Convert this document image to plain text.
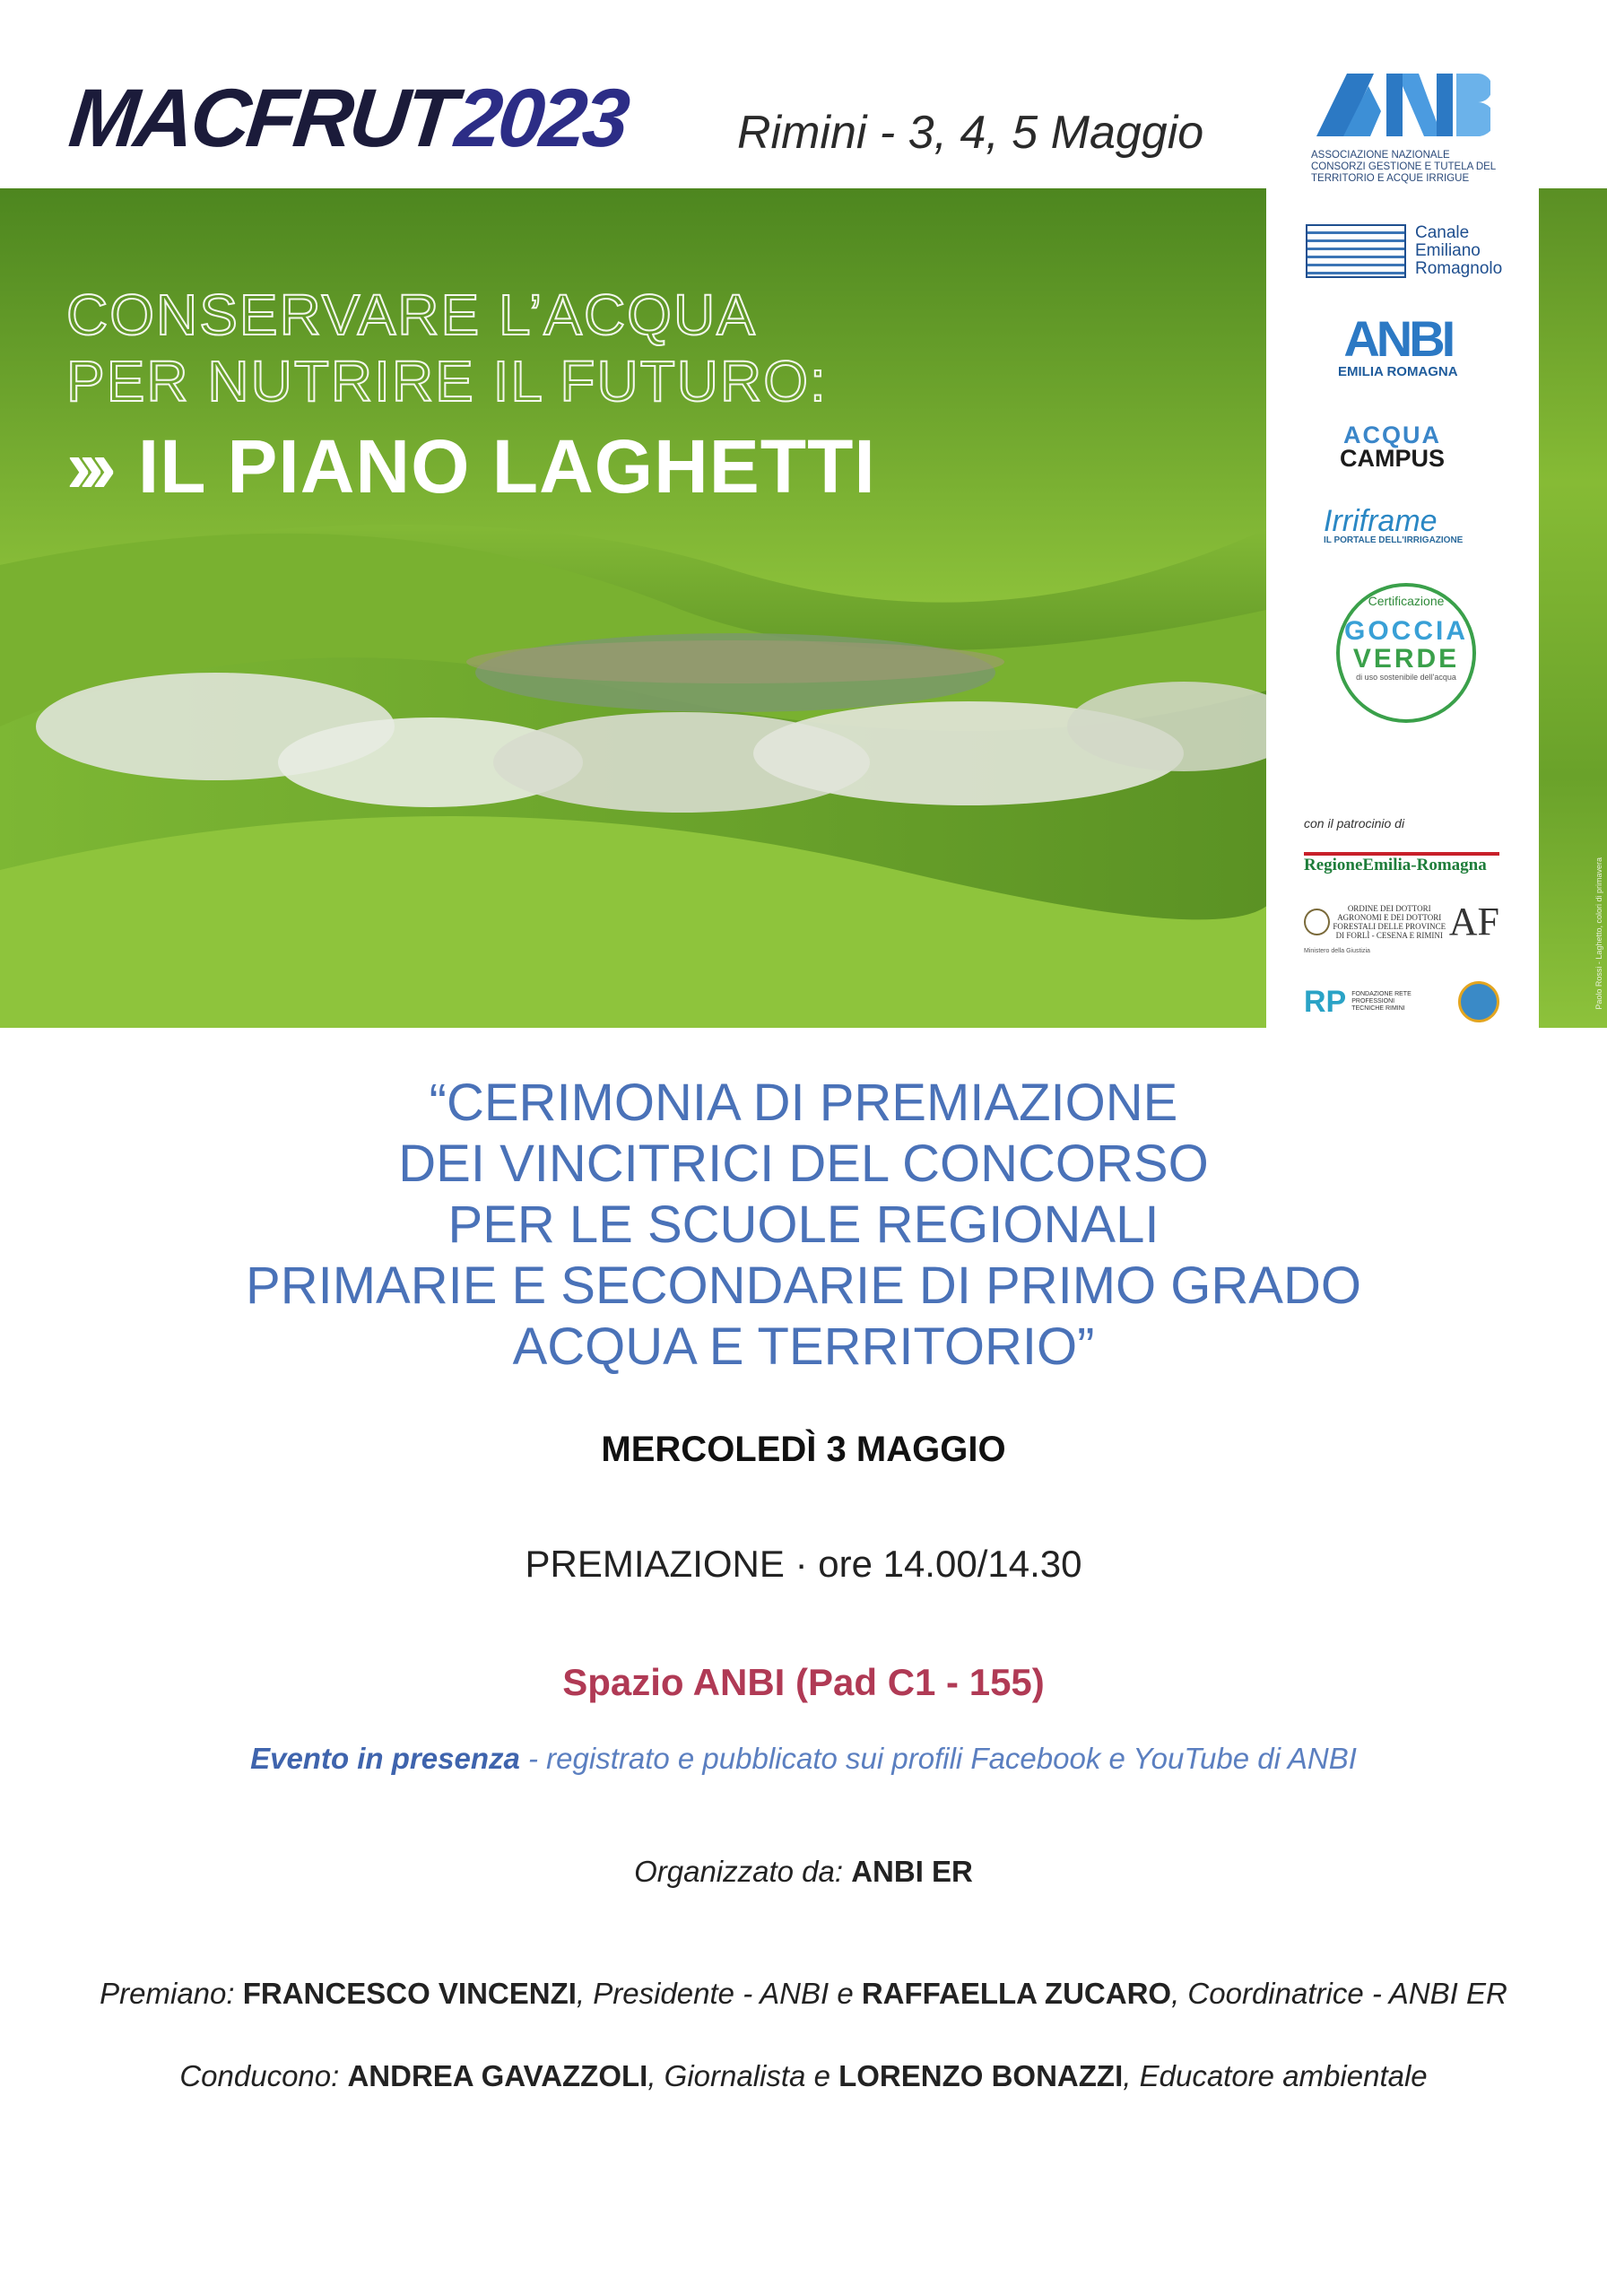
MACFRUT2023 Rimini - 3, 4, 5 Maggio	ASSOCIAZIONE NAZIONALE CONSORZI GESTIONE E TUTELA DEL TERRITORIO E ACQUE IRRIGUE
CONSERVARE L’ACQUA
PER NUTRIRE IL FUTURO:
››› IL PIANO LAGHETTI
Canale
Emiliano
Romagnolo
ANBI
EMILIA ROMAGNA
ACQUA
CAMPUS
Irriframe
IL PORTALE DELL'IRRIGAZIONE
Certificazione
GOCCIA
VERDE
di uso sostenibile dell'acqua
con il patrocinio di
RegioneEmilia-Romagna
ORDINE DEI DOTTORI AGRONOMI E DEI DOTTORI FORESTALI DELLE PROVINCE DI FORLÌ - CESENA E RIMINI AF
Ministero della Giustizia
RP FONDAZIONE RETE PROFESSIONI TECNICHE RIMINI	Paolo Rossi - Laghetto, colori di primavera
“CERIMONIA DI PREMIAZIONE
DEI VINCITRICI DEL CONCORSO
PER LE SCUOLE REGIONALI
PRIMARIE E SECONDARIE DI PRIMO GRADO
ACQUA E TERRITORIO”
MERCOLEDÌ 3 MAGGIO
PREMIAZIONE · ore 14.00/14.30
Spazio ANBI (Pad C1 - 155)
Evento in presenza - registrato e pubblicato sui profili Facebook e YouTube di ANBI
Organizzato da: ANBI ER
Premiano: FRANCESCO VINCENZI, Presidente - ANBI e RAFFAELLA ZUCARO, Coordinatrice - ANBI ER
Conducono: ANDREA GAVAZZOLI, Giornalista e LORENZO BONAZZI, Educatore ambientale
